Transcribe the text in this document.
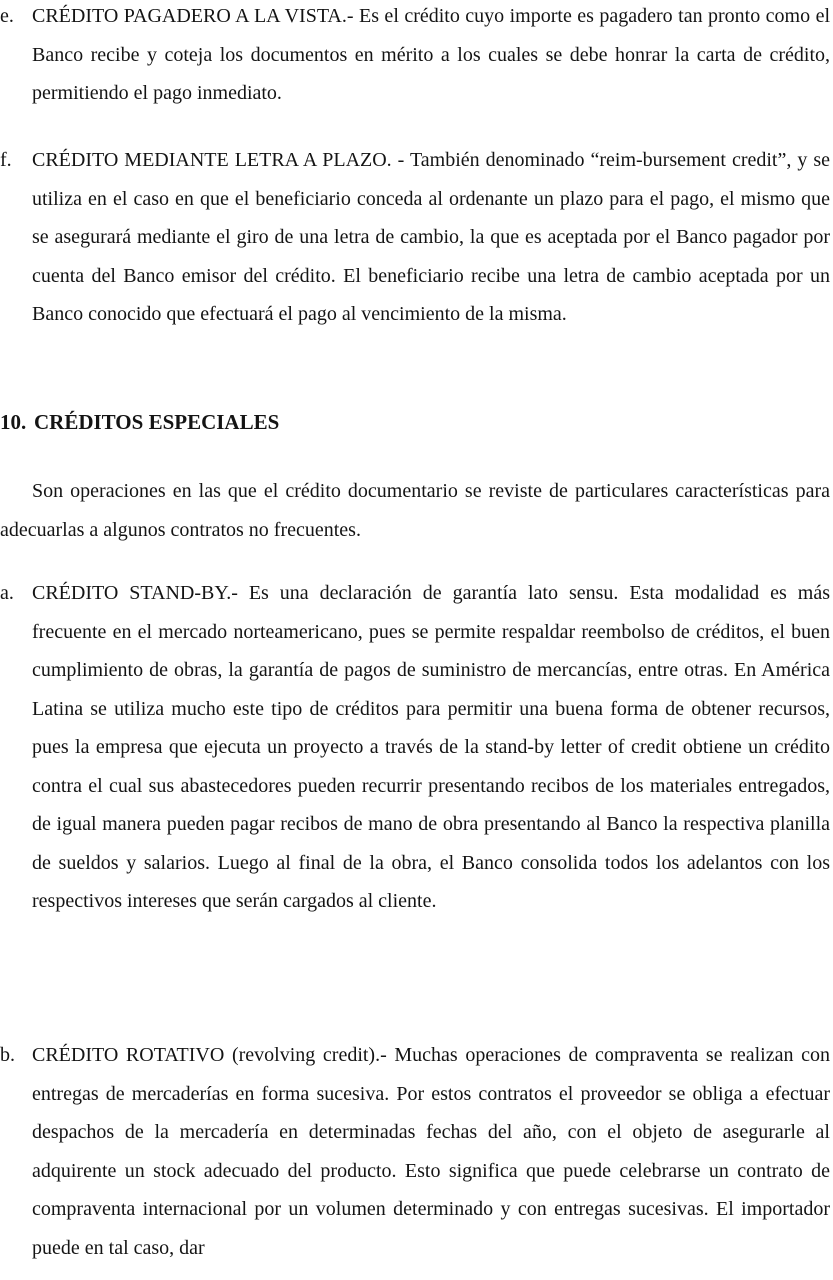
e. CRÉDITO PAGADERO A LA VISTA.- Es el crédito cuyo importe es pagadero tan pronto como el Banco recibe y coteja los documentos en mérito a los cuales se debe honrar la carta de crédito, permitiendo el pago inmediato.
f. CRÉDITO MEDIANTE LETRA A PLAZO. - También denominado “reim-bursement credit”, y se utiliza en el caso en que el beneficiario conceda al ordenante un plazo para el pago, el mismo que se asegurará mediante el giro de una letra de cambio, la que es aceptada por el Banco pagador por cuenta del Banco emisor del crédito. El beneficiario recibe una letra de cambio aceptada por un Banco conocido que efectuará el pago al vencimiento de la misma.
10. CRÉDITOS ESPECIALES
Son operaciones en las que el crédito documentario se reviste de particulares características para adecuarlas a algunos contratos no frecuentes.
a. CRÉDITO STAND-BY.- Es una declaración de garantía lato sensu. Esta modalidad es más frecuente en el mercado norteamericano, pues se permite respaldar reembolso de créditos, el buen cumplimiento de obras, la garantía de pagos de suministro de mercancías, entre otras. En América Latina se utiliza mucho este tipo de créditos para permitir una buena forma de obtener recursos, pues la empresa que ejecuta un proyecto a través de la stand-by letter of credit obtiene un crédito contra el cual sus abastecedores pueden recurrir presentando recibos de los materiales entregados, de igual manera pueden pagar recibos de mano de obra presentando al Banco la respectiva planilla de sueldos y salarios. Luego al final de la obra, el Banco consolida todos los adelantos con los respectivos intereses que serán cargados al cliente.
b. CRÉDITO ROTATIVO (revolving credit).- Muchas operaciones de compraventa se realizan con entregas de mercaderías en forma sucesiva. Por estos contratos el proveedor se obliga a efectuar despachos de la mercadería en determinadas fechas del año, con el objeto de asegurarle al adquirente un stock adecuado del producto. Esto significa que puede celebrarse un contrato de compraventa internacional por un volumen determinado y con entregas sucesivas. El importador puede en tal caso, dar
